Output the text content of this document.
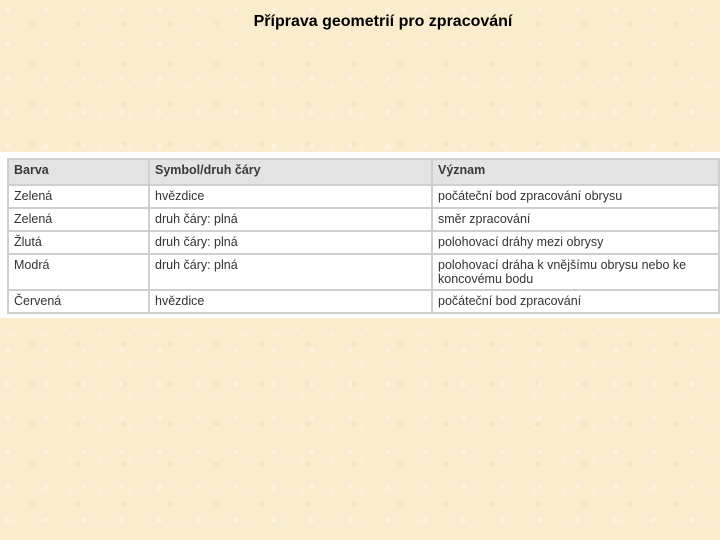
Příprava geometrií pro zpracování
Barva	Symbol/druh čáry	Význam
Zelená	hvězdice	počáteční bod zpracování obrysu
Zelená	druh čáry: plná	směr zpracování
Žlutá	druh čáry: plná	polohovací dráhy mezi obrysy
Modrá	druh čáry: plná	polohovací dráha k vnějšímu obrysu nebo ke koncovému bodu
Červená	hvězdice	počáteční bod zpracování
